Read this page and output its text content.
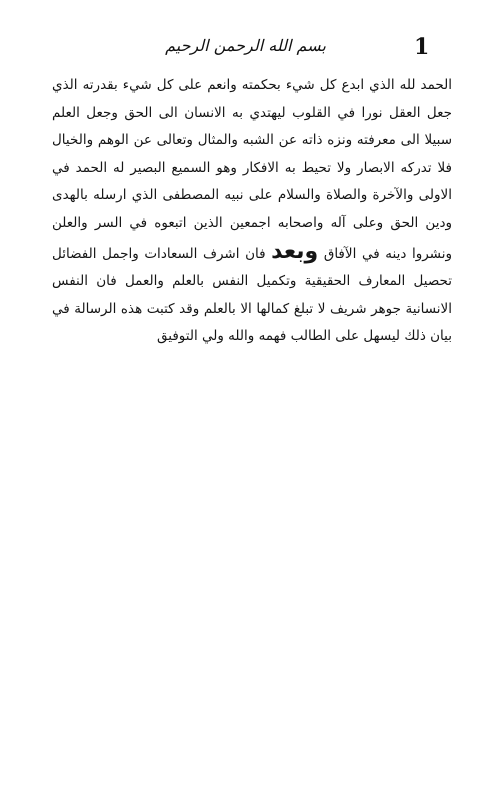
1
بسم الله الرحمن الرحيم

الحمد لله الذي ابدع كل شيء بحكمته وانعم على كل شيء بقدرته الذي جعل العقل نورا في القلوب ليهتدي به الانسان الى الحق وجعل العلم سبيلا الى معرفته ونزه ذاته عن الشبه والمثال وتعالى عن الوهم والخيال فلا تدركه الابصار ولا تحيط به الافكار وهو السميع البصير له الحمد في الاولى والآخرة والصلاة والسلام على نبيه المصطفى الذي ارسله بالهدى ودين الحق وعلى آله واصحابه اجمعين الذين اتبعوه في السر والعلن ونشروا دينه في الآفاق وبعد فان اشرف السعادات واجمل الفضائل تحصيل المعارف الحقيقية وتكميل النفس بالعلم والعمل فان النفس الانسانية جوهر شريف لا تبلغ كمالها الا بالعلم وقد كتبت هذه الرسالة في بيان ذلك ليسهل على الطالب فهمه والله ولي التوفيق
